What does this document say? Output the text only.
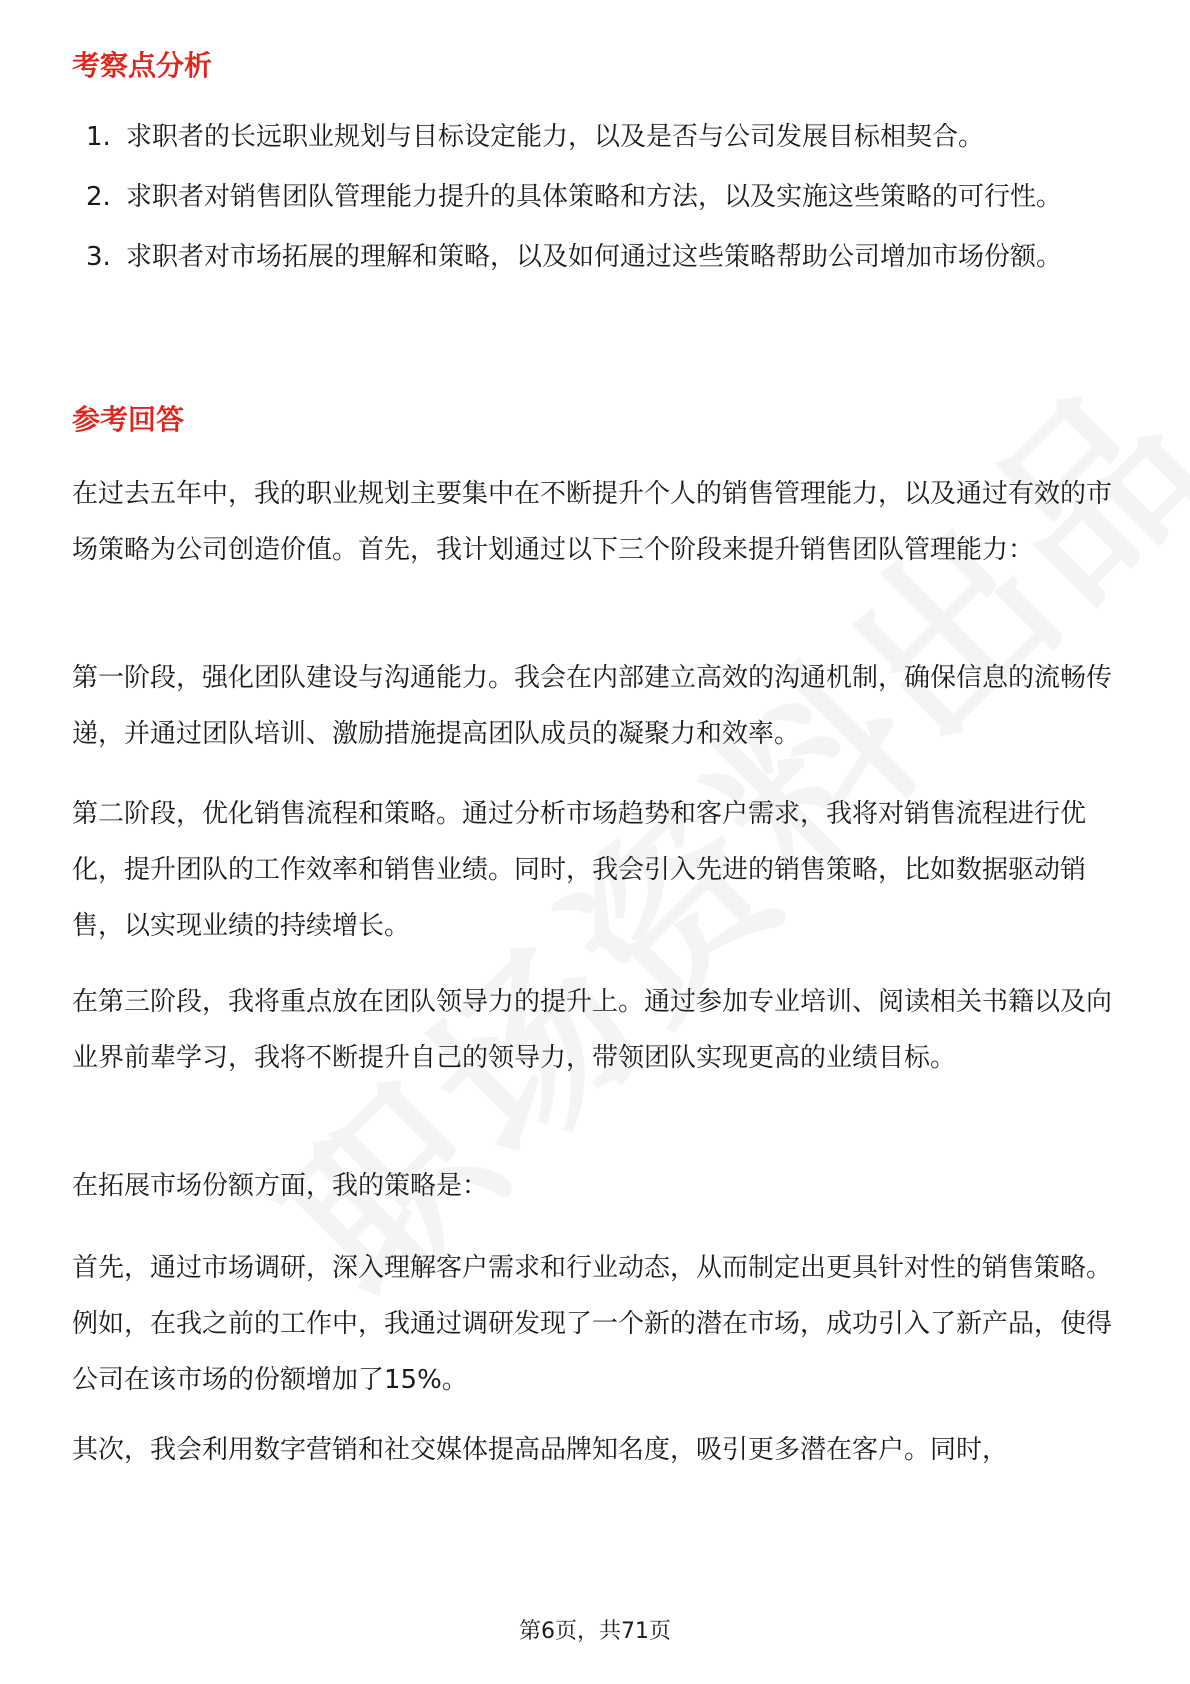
考察点分析
1. 求职者的长远职业规划与目标设定能力，以及是否与公司发展目标相契合。
2. 求职者对销售团队管理能力提升的具体策略和方法，以及实施这些策略的可行性。
3. 求职者对市场拓展的理解和策略，以及如何通过这些策略帮助公司增加市场份额。
参考回答

在过去五年中，我的职业规划主要集中在不断提升个人的销售管理能力，以及通过有效的市场策略为公司创造价值。首先，我计划通过以下三个阶段来提升销售团队管理能力：

第一阶段，强化团队建设与沟通能力。我会在内部建立高效的沟通机制，确保信息的流畅传递，并通过团队培训、激励措施提高团队成员的凝聚力和效率。

第二阶段，优化销售流程和策略。通过分析市场趋势和客户需求，我将对销售流程进行优化，提升团队的工作效率和销售业绩。同时，我会引入先进的销售策略，比如数据驱动销售，以实现业绩的持续增长。

在第三阶段，我将重点放在团队领导力的提升上。通过参加专业培训、阅读相关书籍以及向业界前辈学习，我将不断提升自己的领导力，带领团队实现更高的业绩目标。

在拓展市场份额方面，我的策略是：

首先，通过市场调研，深入理解客户需求和行业动态，从而制定出更具针对性的销售策略。例如，在我之前的工作中，我通过调研发现了一个新的潜在市场，成功引入了新产品，使得公司在该市场的份额增加了15%。

其次，我会利用数字营销和社交媒体提高品牌知名度，吸引更多潜在客户。同时，

第6页，共71页
